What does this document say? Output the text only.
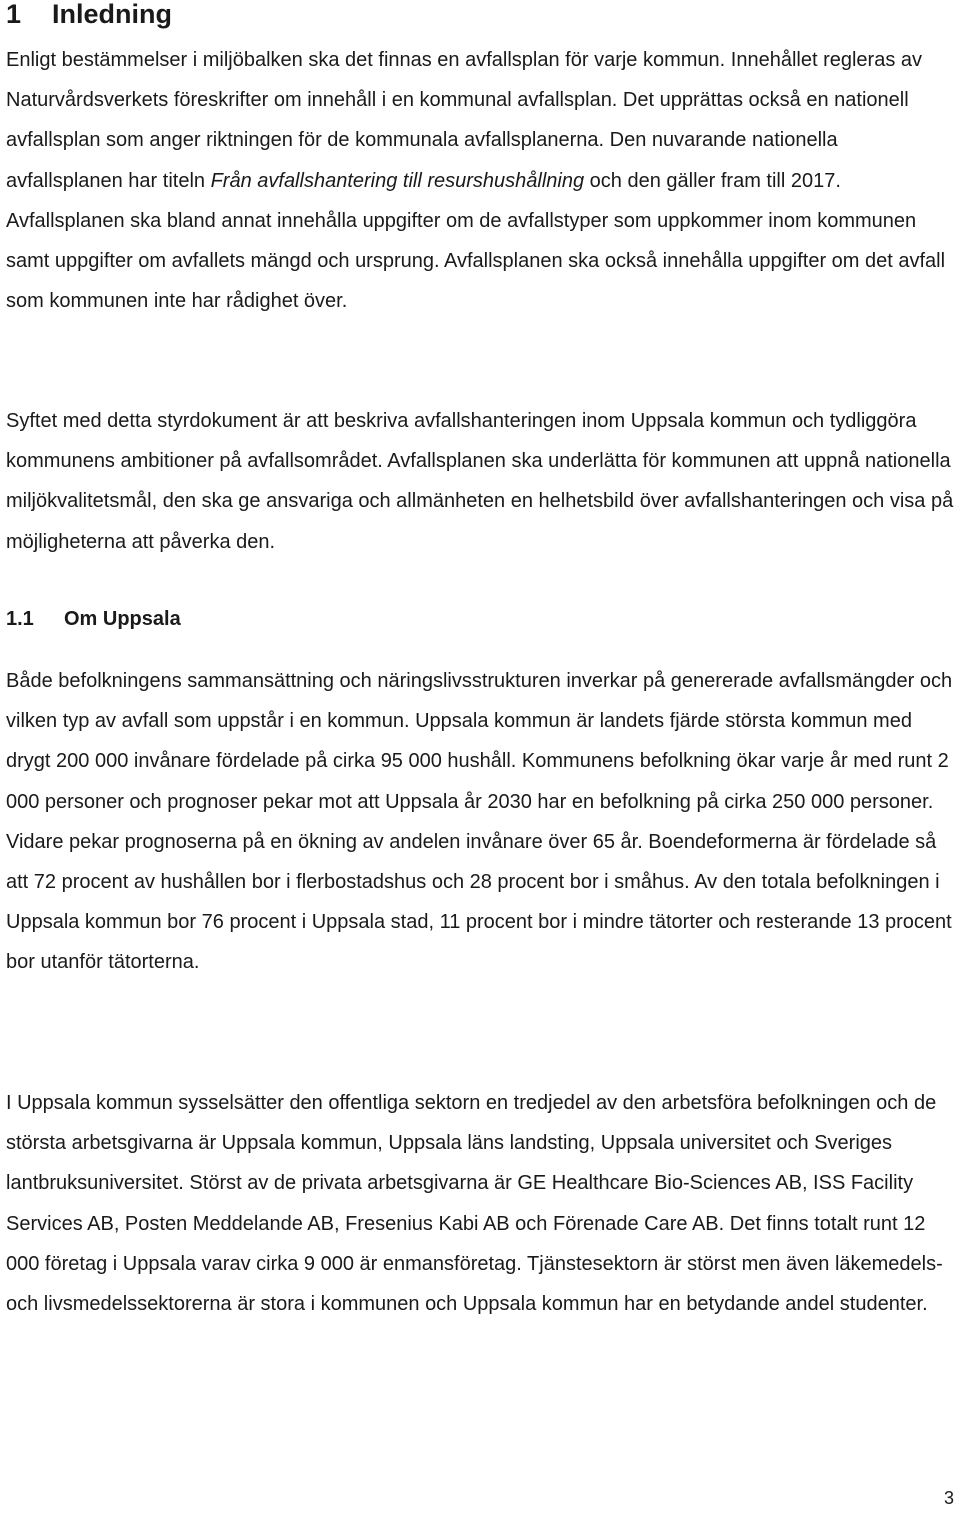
1 Inledning

Enligt bestämmelser i miljöbalken ska det finnas en avfallsplan för varje kommun. Innehållet regleras av Naturvårdsverkets föreskrifter om innehåll i en kommunal avfallsplan. Det upprättas också en nationell avfallsplan som anger riktningen för de kommunala avfallsplanerna. Den nuvarande nationella avfallsplanen har titeln Från avfallshantering till resurshushållning och den gäller fram till 2017. Avfallsplanen ska bland annat innehålla uppgifter om de avfallstyper som uppkommer inom kommunen samt uppgifter om avfallets mängd och ursprung. Avfallsplanen ska också innehålla uppgifter om det avfall som kommunen inte har rådighet över.

Syftet med detta styrdokument är att beskriva avfallshanteringen inom Uppsala kommun och tydliggöra kommunens ambitioner på avfallsområdet. Avfallsplanen ska underlätta för kommunen att uppnå nationella miljökvalitetsmål, den ska ge ansvariga och allmänheten en helhetsbild över avfallshanteringen och visa på möjligheterna att påverka den.

1.1 Om Uppsala

Både befolkningens sammansättning och näringslivsstrukturen inverkar på genererade avfallsmängder och vilken typ av avfall som uppstår i en kommun. Uppsala kommun är landets fjärde största kommun med drygt 200 000 invånare fördelade på cirka 95 000 hushåll. Kommunens befolkning ökar varje år med runt 2 000 personer och prognoser pekar mot att Uppsala år 2030 har en befolkning på cirka 250 000 personer. Vidare pekar prognoserna på en ökning av andelen invånare över 65 år. Boendeformerna är fördelade så att 72 procent av hushållen bor i flerbostadshus och 28 procent bor i småhus. Av den totala befolkningen i Uppsala kommun bor 76 procent i Uppsala stad, 11 procent bor i mindre tätorter och resterande 13 procent bor utanför tätorterna.

I Uppsala kommun sysselsätter den offentliga sektorn en tredjedel av den arbetsföra befolkningen och de största arbetsgivarna är Uppsala kommun, Uppsala läns landsting, Uppsala universitet och Sveriges lantbruksuniversitet. Störst av de privata arbetsgivarna är GE Healthcare Bio-Sciences AB, ISS Facility Services AB, Posten Meddelande AB, Fresenius Kabi AB och Förenade Care AB. Det finns totalt runt 12 000 företag i Uppsala varav cirka 9 000 är enmansföretag. Tjänstesektorn är störst men även läkemedels- och livsmedelssektorerna är stora i kommunen och Uppsala kommun har en betydande andel studenter.

3
